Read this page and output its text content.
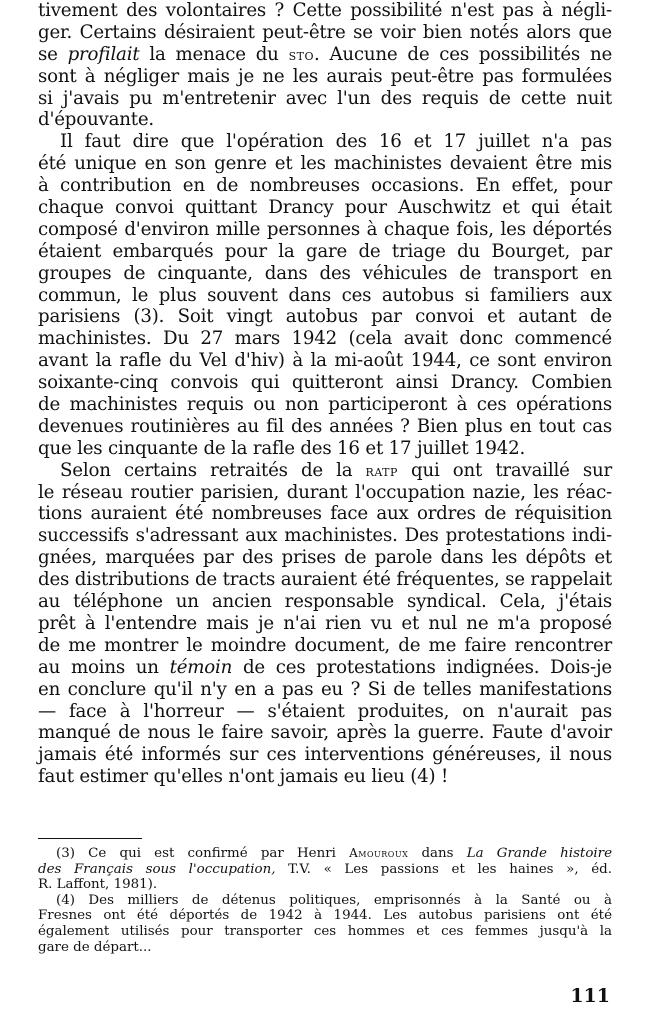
tivement des volontaires ? Cette possibilité n'est pas à négli-
ger. Certains désiraient peut-être se voir bien notés alors que
se profilait la menace du sto. Aucune de ces possibilités ne
sont à négliger mais je ne les aurais peut-être pas formulées
si j'avais pu m'entretenir avec l'un des requis de cette nuit
d'épouvante.
Il faut dire que l'opération des 16 et 17 juillet n'a pas
été unique en son genre et les machinistes devaient être mis
à contribution en de nombreuses occasions. En effet, pour
chaque convoi quittant Drancy pour Auschwitz et qui était
composé d'environ mille personnes à chaque fois, les déportés
étaient embarqués pour la gare de triage du Bourget, par
groupes de cinquante, dans des véhicules de transport en
commun, le plus souvent dans ces autobus si familiers aux
parisiens (3). Soit vingt autobus par convoi et autant de
machinistes. Du 27 mars 1942 (cela avait donc commencé
avant la rafle du Vel d'hiv) à la mi-août 1944, ce sont environ
soixante-cinq convois qui quitteront ainsi Drancy. Combien
de machinistes requis ou non participeront à ces opérations
devenues routinières au fil des années ? Bien plus en tout cas
que les cinquante de la rafle des 16 et 17 juillet 1942.
Selon certains retraités de la ratp qui ont travaillé sur
le réseau routier parisien, durant l'occupation nazie, les réac-
tions auraient été nombreuses face aux ordres de réquisition
successifs s'adressant aux machinistes. Des protestations indi-
gnées, marquées par des prises de parole dans les dépôts et
des distributions de tracts auraient été fréquentes, se rappelait
au téléphone un ancien responsable syndical. Cela, j'étais
prêt à l'entendre mais je n'ai rien vu et nul ne m'a proposé
de me montrer le moindre document, de me faire rencontrer
au moins un témoin de ces protestations indignées. Dois-je
en conclure qu'il n'y en a pas eu ? Si de telles manifestations
— face à l'horreur — s'étaient produites, on n'aurait pas
manqué de nous le faire savoir, après la guerre. Faute d'avoir
jamais été informés sur ces interventions généreuses, il nous
faut estimer qu'elles n'ont jamais eu lieu (4) !
(3) Ce qui est confirmé par Henri Amouroux dans La Grande histoire
des Français sous l'occupation, T.V. « Les passions et les haines », éd.
R. Laffont, 1981).
(4) Des milliers de détenus politiques, emprisonnés à la Santé ou à
Fresnes ont été déportés de 1942 à 1944. Les autobus parisiens ont été
également utilisés pour transporter ces hommes et ces femmes jusqu'à la
gare de départ...
111
